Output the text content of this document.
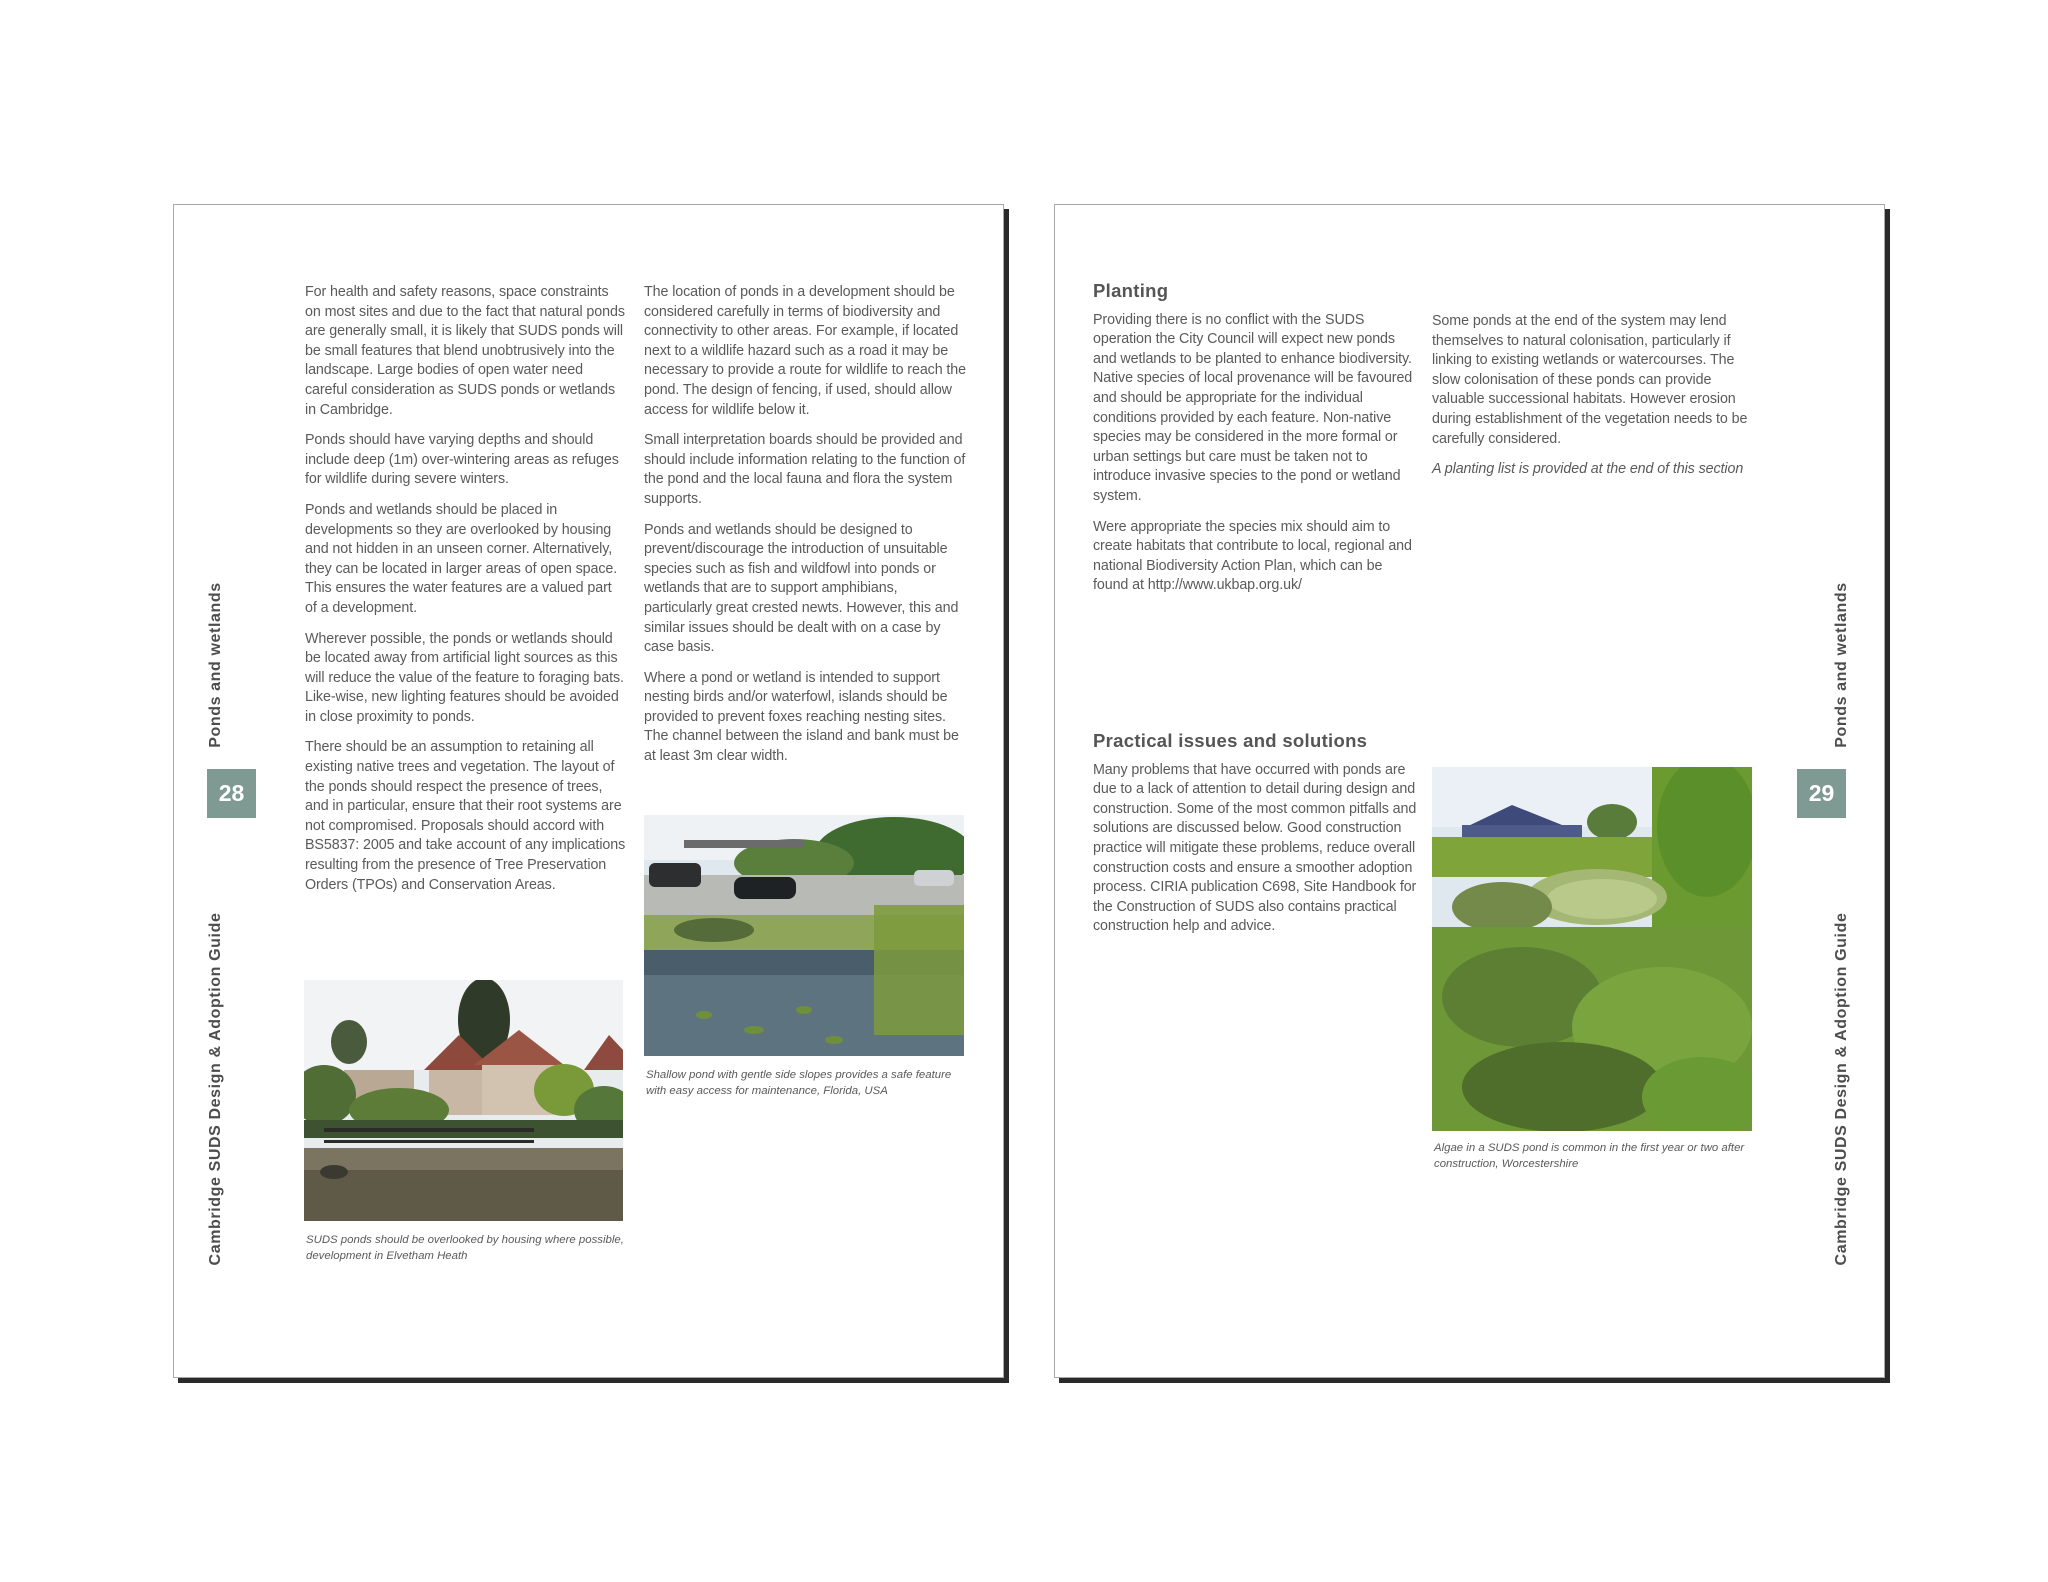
Ponds and wetlands
28
Cambridge SUDS Design & Adoption Guide

For health and safety reasons, space constraints on most sites and due to the fact that natural ponds are generally small, it is likely that SUDS ponds will be small features that blend unobtrusively into the landscape. Large bodies of open water need careful consideration as SUDS ponds or wetlands in Cambridge.

Ponds should have varying depths and should include deep (1m) over-wintering areas as refuges for wildlife during severe winters.

Ponds and wetlands should be placed in developments so they are overlooked by housing and not hidden in an unseen corner. Alternatively, they can be located in larger areas of open space. This ensures the water features are a valued part of a development.

Wherever possible, the ponds or wetlands should be located away from artificial light sources as this will reduce the value of the feature to foraging bats. Like-wise, new lighting features should be avoided in close proximity to ponds.

There should be an assumption to retaining all existing native trees and vegetation. The layout of the ponds should respect the presence of trees, and in particular, ensure that their root systems are not compromised. Proposals should accord with BS5837: 2005 and take account of any implications resulting from the presence of Tree Preservation Orders (TPOs) and Conservation Areas.

The location of ponds in a development should be considered carefully in terms of biodiversity and connectivity to other areas. For example, if located next to a wildlife hazard such as a road it may be necessary to provide a route for wildlife to reach the pond. The design of fencing, if used, should allow access for wildlife below it.

Small interpretation boards should be provided and should include information relating to the function of the pond and the local fauna and flora the system supports.

Ponds and wetlands should be designed to prevent/discourage the introduction of unsuitable species such as fish and wildfowl into ponds or wetlands that are to support amphibians, particularly great crested newts. However, this and similar issues should be dealt with on a case by case basis.

Where a pond or wetland is intended to support nesting birds and/or waterfowl, islands should be provided to prevent foxes reaching nesting sites. The channel between the island and bank must be at least 3m clear width.

SUDS ponds should be overlooked by housing where possible, development in Elvetham Heath
Shallow pond with gentle side slopes provides a safe feature with easy access for maintenance, Florida, USA
Planting

Providing there is no conflict with the SUDS operation the City Council will expect new ponds and wetlands to be planted to enhance biodiversity. Native species of local provenance will be favoured and should be appropriate for the individual conditions provided by each feature. Non-native species may be considered in the more formal or urban settings but care must be taken not to introduce invasive species to the pond or wetland system.

Were appropriate the species mix should aim to create habitats that contribute to local, regional and national Biodiversity Action Plan, which can be found at http://www.ukbap.org.uk/

Some ponds at the end of the system may lend themselves to natural colonisation, particularly if linking to existing wetlands or watercourses. The slow colonisation of these ponds can provide valuable successional habitats. However erosion during establishment of the vegetation needs to be carefully considered.

A planting list is provided at the end of this section

Practical issues and solutions

Many problems that have occurred with ponds are due to a lack of attention to detail during design and construction. Some of the most common pitfalls and solutions are discussed below. Good construction practice will mitigate these problems, reduce overall construction costs and ensure a smoother adoption process. CIRIA publication C698, Site Handbook for the Construction of SUDS also contains practical construction help and advice.

Algae in a SUDS pond is common in the first year or two after construction, Worcestershire
Ponds and wetlands
29
Cambridge SUDS Design & Adoption Guide
